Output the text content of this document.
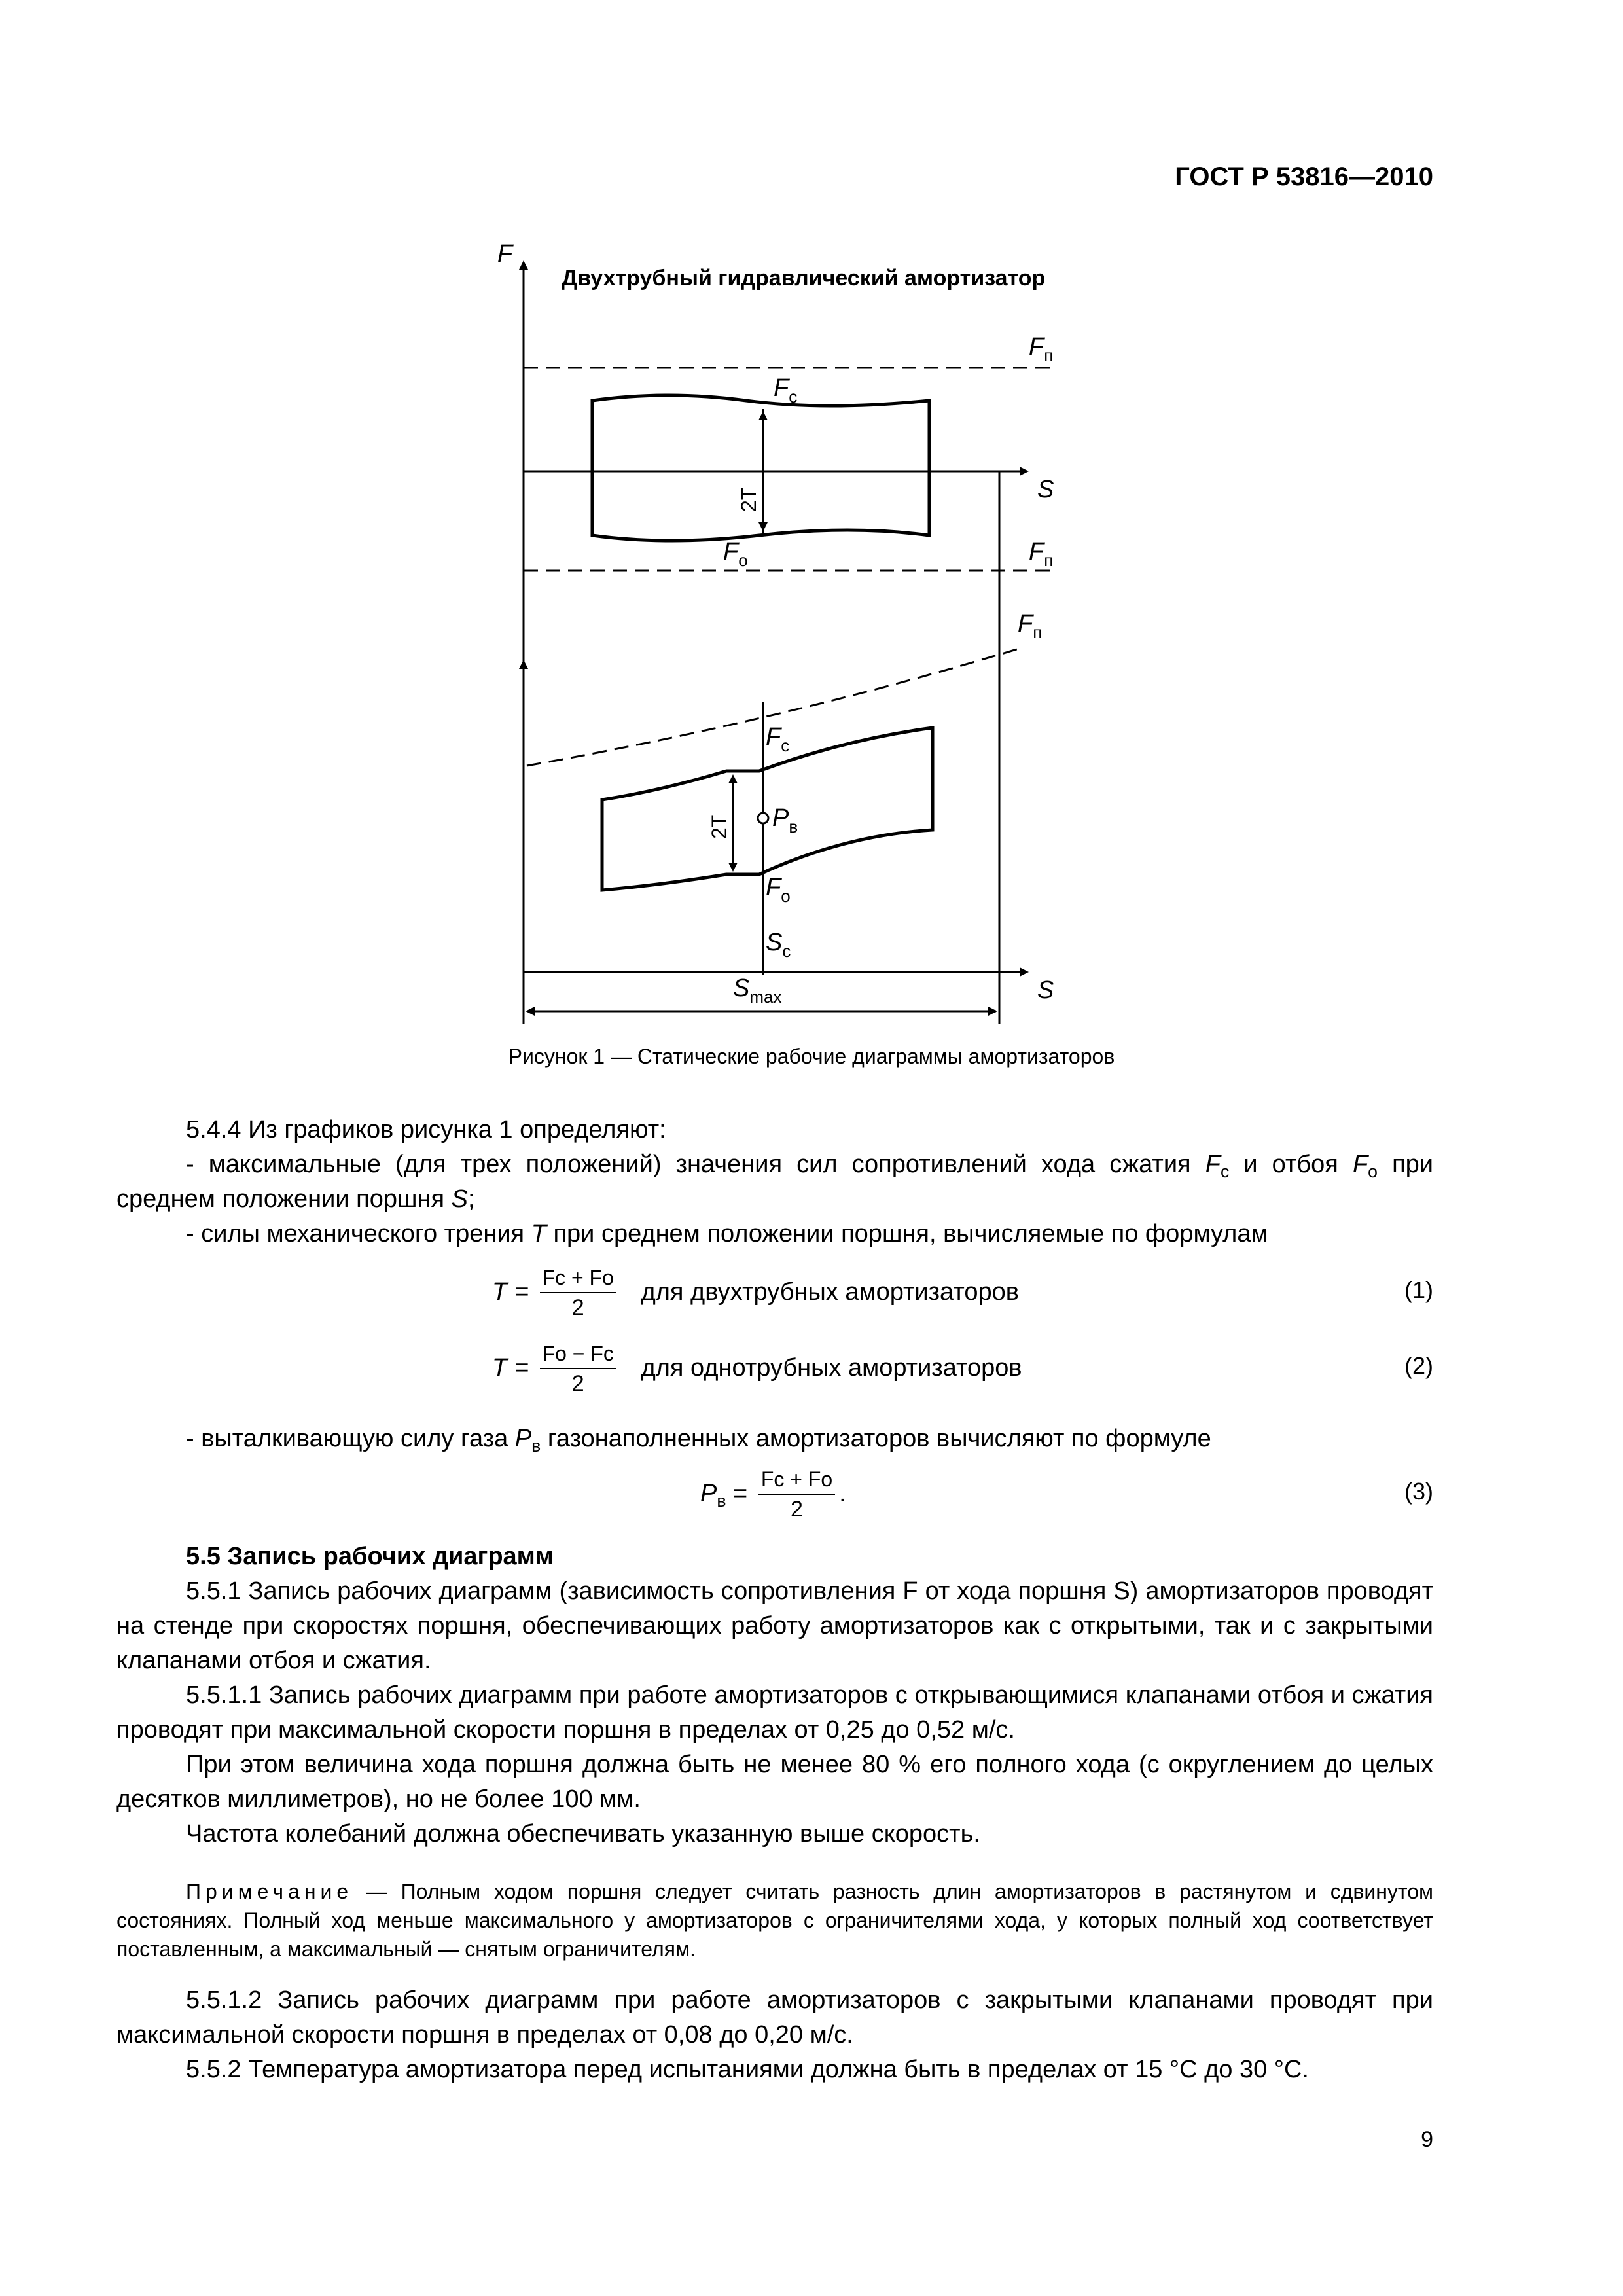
ГОСТ Р 53816—2010
F
Двухтрубный гидравлический амортизатор
$F_п$
$F_с$
2T	S
$F_о$	$F_п$
$F_п$
$F_с$
2T $P_в$
$F_о$
$S_c$
S
$S_{max}$
Рисунок 1 — Статические рабочие диаграммы амортизаторов
5.4.4 Из графиков рисунка 1 определяют:
- максимальные (для трех положений) значения сил сопротивлений хода сжатия $F_с$ и отбоя $F_о$ при
среднем положении поршня S;
- силы механического трения T при среднем положении поршня, вычисляемые по формулам
$T = \frac{Fс + Fо}{2}$ для двухтрубных амортизаторов	(1)
$T = \frac{Fо - Fс}{2}$ для однотрубных амортизаторов	(2)
- выталкивающую силу газа $P_в$ газонаполненных амортизаторов вычисляют по формуле
$P_в = \frac{Fс + Fо}{2}$ .	(3)
5.5 Запись рабочих диаграмм
5.5.1 Запись рабочих диаграмм (зависимость сопротивления F от хода поршня S) амортизаторов проводят на стенде при скоростях поршня, обеспечивающих работу амортизаторов как с открытыми, так и с закрытыми клапанами отбоя и сжатия.
5.5.1.1 Запись рабочих диаграмм при работе амортизаторов с открывающимися клапанами отбоя и сжатия проводят при максимальной скорости поршня в пределах от 0,25 до 0,52 м/с.
При этом величина хода поршня должна быть не менее 80 % его полного хода (с округлением до целых десятков миллиметров), но не более 100 мм.
Частота колебаний должна обеспечивать указанную выше скорость.
Примечание — Полным ходом поршня следует считать разность длин амортизаторов в растянутом и сдвинутом состояниях. Полный ход меньше максимального у амортизаторов с ограничителями хода, у которых полный ход соответствует поставленным, а максимальный — снятым ограничителям.
5.5.1.2 Запись рабочих диаграмм при работе амортизаторов с закрытыми клапанами проводят при максимальной скорости поршня в пределах от 0,08 до 0,20 м/с.
5.5.2 Температура амортизатора перед испытаниями должна быть в пределах от 15 °С до 30 °С.
9
